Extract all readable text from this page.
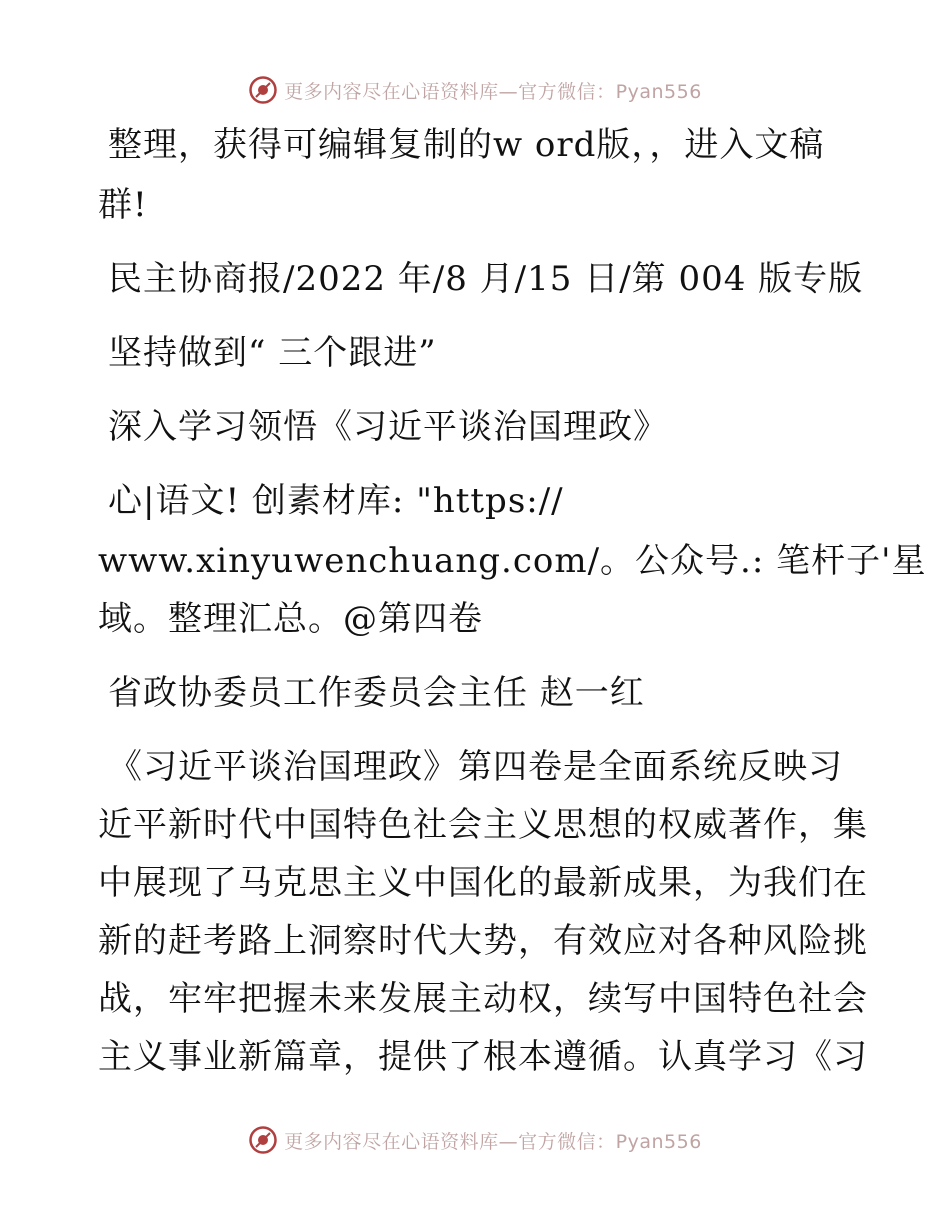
更多内容尽在心语资料库—官方微信：Pyan556
整理，获得可编辑复制的w ord版，，进入文稿
群!
民主协商报/2022 年/8 月/15 日/第 004 版专版
坚持做到“ 三个跟进”
深入学习领悟《习近平谈治国理政》
心|语文! 创素材库: "https://
www.xinyuwenchuang.com/。公众号.: 笔杆子'星
域。整理汇总。@第四卷
省政协委员工作委员会主任 赵一红
《习近平谈治国理政》第四卷是全面系统反映习
近平新时代中国特色社会主义思想的权威著作，集
中展现了马克思主义中国化的最新成果，为我们在
新的赶考路上洞察时代大势，有效应对各种风险挑
战，牢牢把握未来发展主动权，续写中国特色社会
主义事业新篇章，提供了根本遵循。认真学习《习
更多内容尽在心语资料库—官方微信：Pyan556
